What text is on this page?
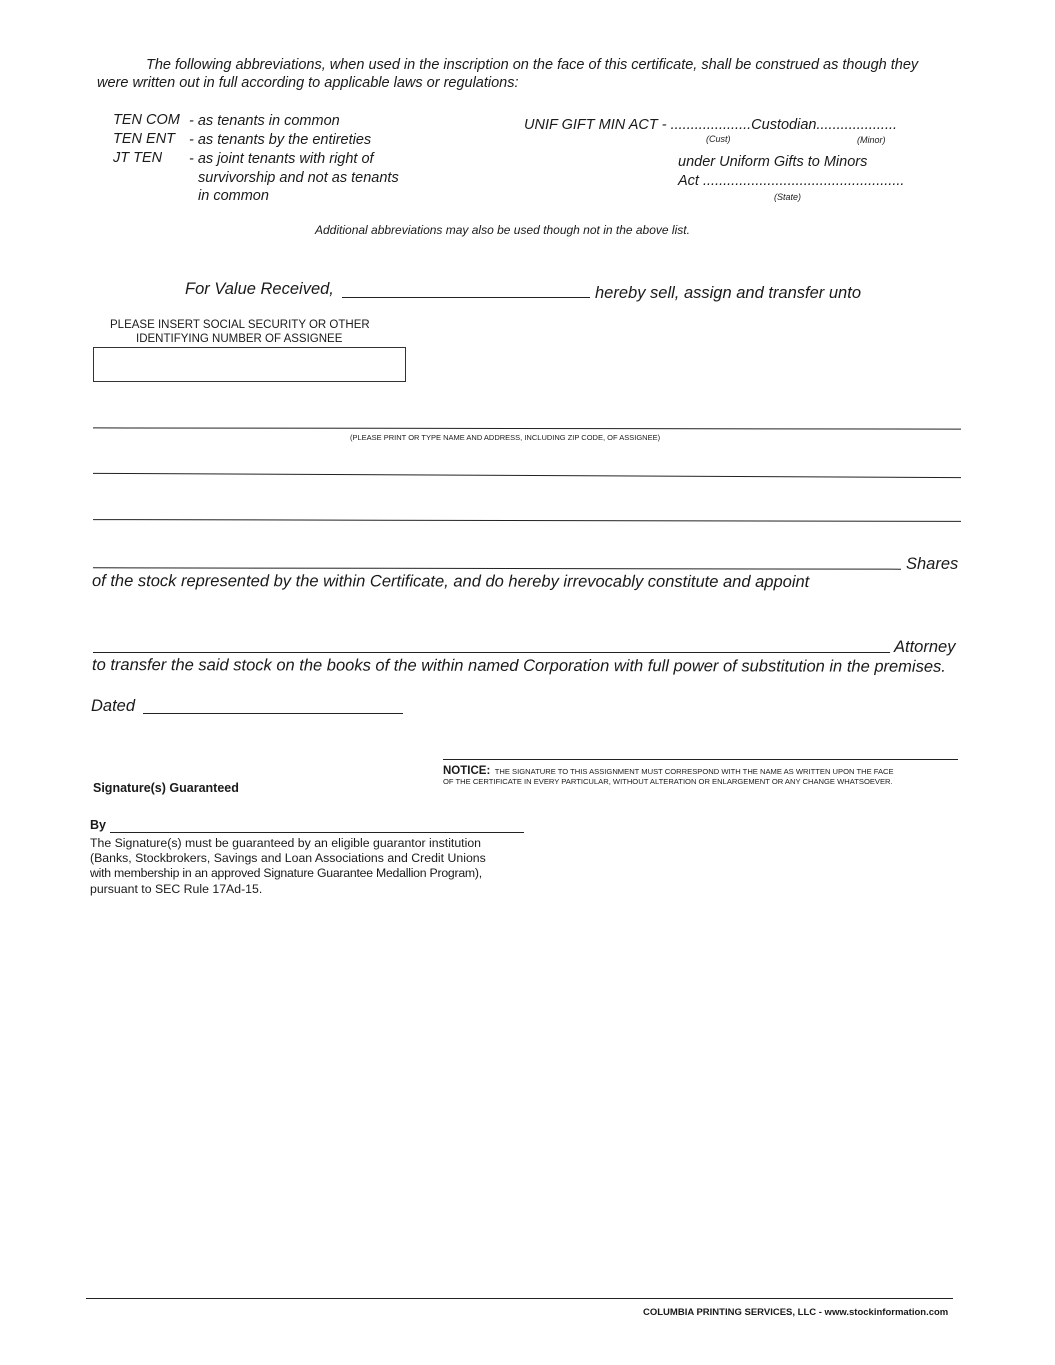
The following abbreviations, when used in the inscription on the face of this certificate, shall be construed as though they
were written out in full according to applicable laws or regulations:
TEN COM - as tenants in common
TEN ENT - as tenants by the entireties
JT TEN - as joint tenants with right of
survivorship and not as tenants
in common
UNIF GIFT MIN ACT - ....................Custodian....................
(Cust)	(Minor)
under Uniform Gifts to Minors
Act ..................................................
(State)
Additional abbreviations may also be used though not in the above list.
For Value Received,	hereby sell, assign and transfer unto
PLEASE INSERT SOCIAL SECURITY OR OTHER
IDENTIFYING NUMBER OF ASSIGNEE
(PLEASE PRINT OR TYPE NAME AND ADDRESS, INCLUDING ZIP CODE, OF ASSIGNEE)
Shares
of the stock represented by the within Certificate, and do hereby irrevocably constitute and appoint
Attorney
to transfer the said stock on the books of the within named Corporation with full power of substitution in the premises.
Dated
NOTICE: THE SIGNATURE TO THIS ASSIGNMENT MUST CORRESPOND WITH THE NAME AS WRITTEN UPON THE FACE
OF THE CERTIFICATE IN EVERY PARTICULAR, WITHOUT ALTERATION OR ENLARGEMENT OR ANY CHANGE WHATSOEVER.
Signature(s) Guaranteed
By
The Signature(s) must be guaranteed by an eligible guarantor institution
(Banks, Stockbrokers, Savings and Loan Associations and Credit Unions
with membership in an approved Signature Guarantee Medallion Program),
pursuant to SEC Rule 17Ad-15.
COLUMBIA PRINTING SERVICES, LLC - www.stockinformation.com
